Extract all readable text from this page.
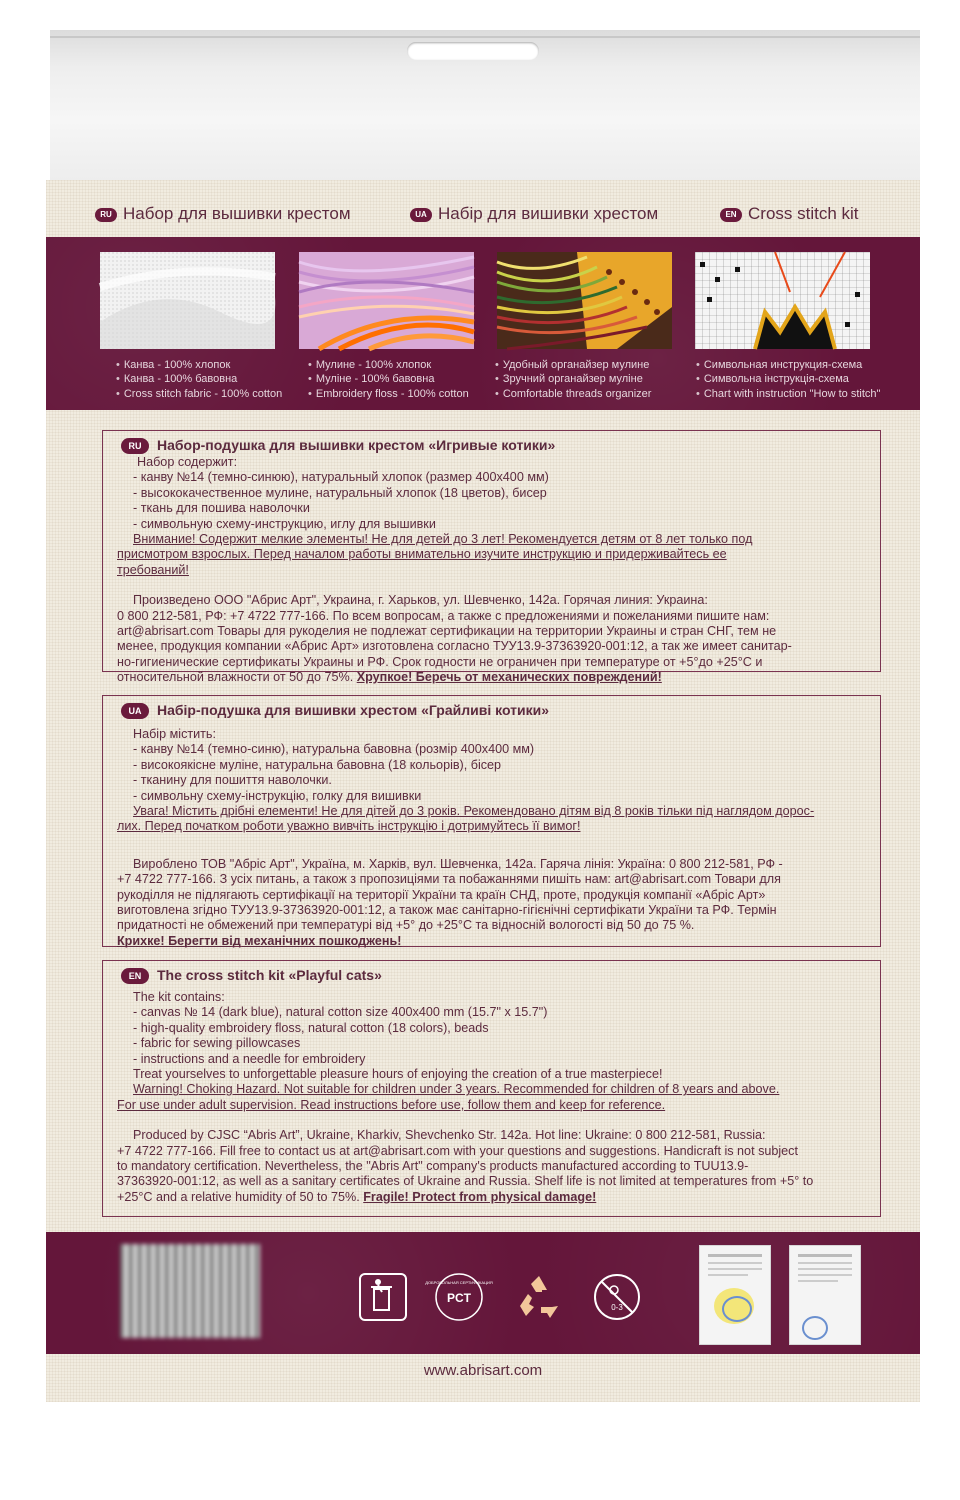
RU Набор для вышивки крестом	UA Набір для вишивки хрестом	EN Cross stitch kit
• Канва - 100% хлопок
• Канва - 100% бавовна
• Cross stitch fabric - 100% cotton
• Мулине - 100% хлопок
• Муліне - 100% бавовна
• Embroidery floss - 100% cotton
• Удобный органайзер мулине
• Зручний органайзер муліне
• Comfortable threads organizer
• Символьная инструкция-схема
• Символьна інструкція-схема
• Chart with instruction "How to stitch"
RU Набор-подушка для вышивки крестом «Игривые котики»
Набор содержит:
- канву №14 (темно-синюю), натуральный хлопок (размер 400х400 мм)
- высококачественное мулине, натуральный хлопок (18 цветов), бисер
- ткань для пошива наволочки
- символьную схему-инструкцию, иглу для вышивки
Внимание! Содержит мелкие элементы! Не для детей до 3 лет! Рекомендуется детям от 8 лет только под
присмотром взрослых. Перед началом работы внимательно изучите инструкцию и придерживайтесь ее
требований!
Произведено ООО "Абрис Арт", Украина, г. Харьков, ул. Шевченко, 142а. Горячая линия: Украина:
0 800 212-581, РФ: +7 4722 777-166. По всем вопросам, а также с предложениями и пожеланиями пишите нам:
art@abrisart.com Товары для рукоделия не подлежат сертификации на территории Украины и стран СНГ, тем не
менее, продукция компании «Абрис Арт» изготовлена согласно ТУУ13.9-37363920-001:12, а так же имеет санитар-
но-гигиенические сертификаты Украины и РФ. Срок годности не ограничен при температуре от +5°до +25°С и
относительной влажности от 50 до 75%. Хрупкое! Беречь от механических повреждений!
UA Набір-подушка для вишивки хрестом «Грайливі котики»
Набір містить:
- канву №14 (темно-синю), натуральна бавовна (розмір 400х400 мм)
- високоякісне муліне, натуральна бавовна (18 кольорів), бісер
- тканину для пошиття наволочки.
- символьну схему-інструкцію, голку для вишивки
Увага! Містить дрібні елементи! Не для дітей до 3 років. Рекомендовано дітям від 8 років тільки під наглядом дорос-
лих. Перед початком роботи уважно вивчіть інструкцію і дотримуйтесь її вимог!
Вироблено ТОВ "Абріс Арт", Україна, м. Харків, вул. Шевченка, 142а. Гаряча лінія: Україна: 0 800 212-581, РФ -
+7 4722 777-166. З усіх питань, а також з пропозиціями та побажаннями пишіть нам: art@abrisart.com Товари для
рукоділля не підлягають сертифікації на території України та країн СНД, проте, продукція компанії «Абріс Арт»
виготовлена згідно ТУУ13.9-37363920-001:12, а також має санітарно-гігієнічні сертифікати України та РФ. Термін
придатності не обмежений при температурі від +5° до +25°С та відносній вологості від 50 до 75 %.
Крихке! Берегти від механічних пошкоджень!
EN The cross stitch kit «Playful cats»
The kit contains:
- canvas № 14 (dark blue), natural cotton size 400x400 mm (15.7" x 15.7")
- high-quality embroidery floss, natural cotton (18 colors), beads
- fabric for sewing pillowcases
- instructions and a needle for embroidery
Treat yourselves to unforgettable pleasure hours of enjoying the creation of a true masterpiece!
Warning! Choking Hazard. Not suitable for children under 3 years. Recommended for children of 8 years and above.
For use under adult supervision. Read instructions before use, follow them and keep for reference.
Produced by CJSC “Abris Art”, Ukraine, Kharkiv, Shevchenko Str. 142a. Hot line: Ukraine: 0 800 212-581, Russia:
+7 4722 777-166. Fill free to contact us at art@abrisart.com with your questions and suggestions. Handicraft is not subject
to mandatory certification. Nevertheless, the "Abris Art" company's products manufactured according to TUU13.9-
37363920-001:12, as well as a sanitary certificates of Ukraine and Russia. Shelf life is not limited at temperatures from +5° to
+25°C and a relative humidity of 50 to 75%. Fragile! Protect from physical damage!
PCT
ДОБРОВОЛЬНАЯ СЕРТИФИКАЦИЯ
0-3
www.abrisart.com
